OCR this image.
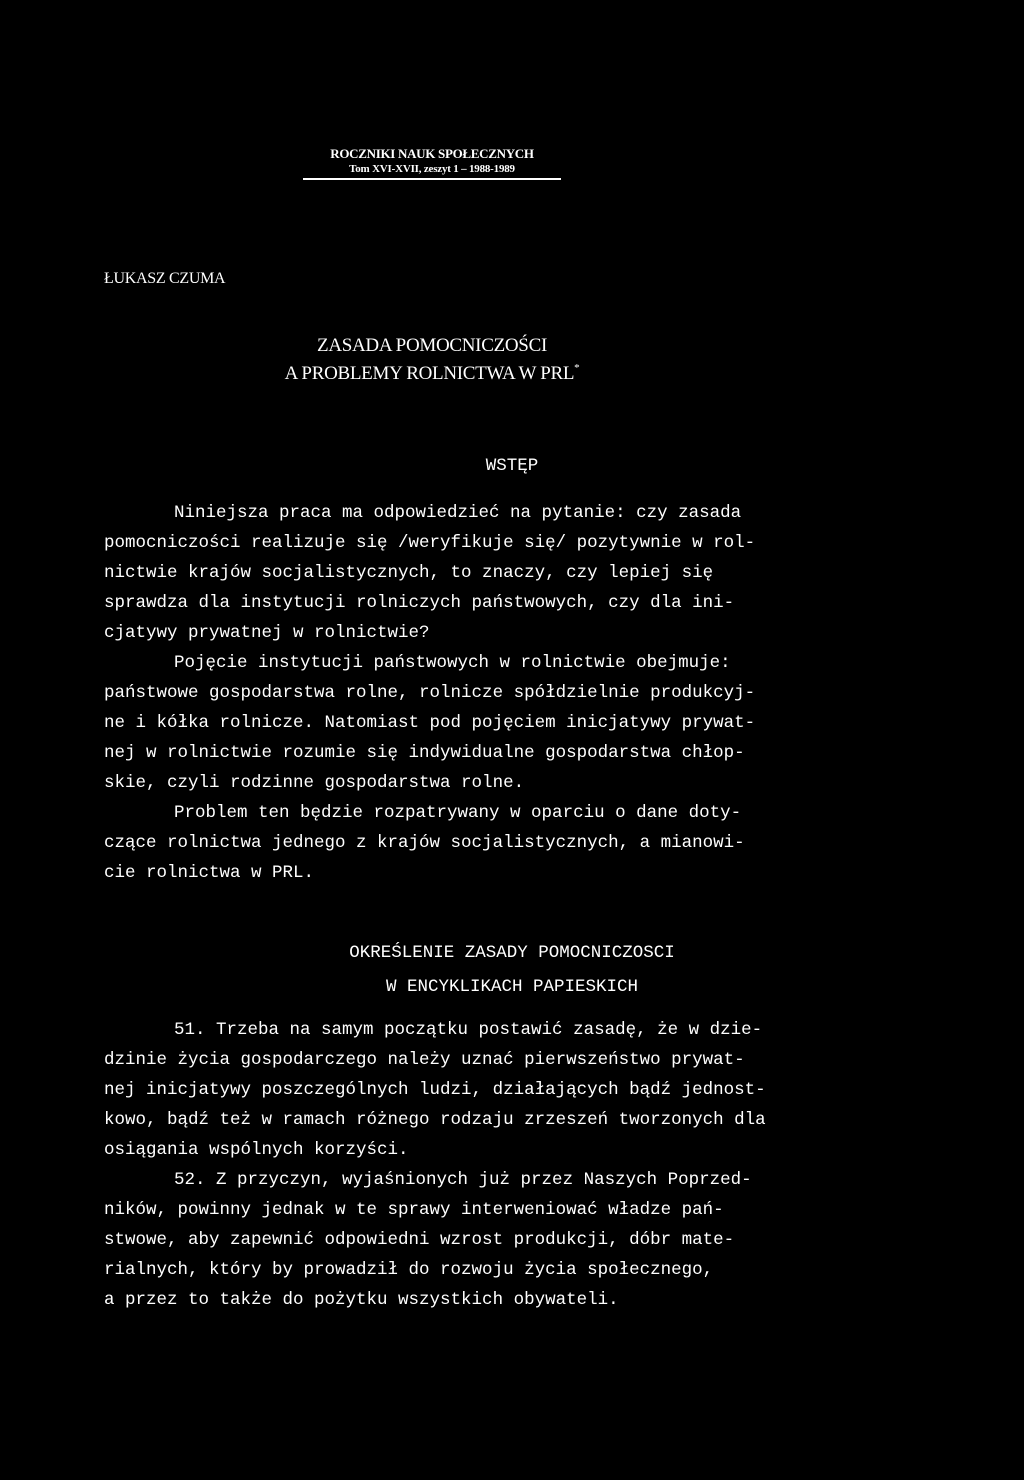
ROCZNIKI NAUK SPOŁECZNYCH
Tom XVI-XVII, zeszyt 1 – 1988-1989
ŁUKASZ CZUMA
ZASADA POMOCNICZOŚCI
A PROBLEMY ROLNICTWA W PRL*
WSTĘP
Niniejsza praca ma odpowiedzieć na pytanie: czy zasada
pomocniczości realizuje się /weryfikuje się/ pozytywnie w rol-
nictwie krajów socjalistycznych, to znaczy, czy lepiej się
sprawdza dla instytucji rolniczych państwowych, czy dla ini-
cjatywy prywatnej w rolnictwie?
Pojęcie instytucji państwowych w rolnictwie obejmuje:
państwowe gospodarstwa rolne, rolnicze spółdzielnie produkcyj-
ne i kółka rolnicze. Natomiast pod pojęciem inicjatywy prywat-
nej w rolnictwie rozumie się indywidualne gospodarstwa chłop-
skie, czyli rodzinne gospodarstwa rolne.
Problem ten będzie rozpatrywany w oparciu o dane doty-
czące rolnictwa jednego z krajów socjalistycznych, a mianowi-
cie rolnictwa w PRL.
OKREŚLENIE ZASADY POMOCNICZOSCI
W ENCYKLIKACH PAPIESKICH
51. Trzeba na samym początku postawić zasadę, że w dzie-
dzinie życia gospodarczego należy uznać pierwszeństwo prywat-
nej inicjatywy poszczególnych ludzi, działających bądź jednost-
kowo, bądź też w ramach różnego rodzaju zrzeszeń tworzonych dla
osiągania wspólnych korzyści.
52. Z przyczyn, wyjaśnionych już przez Naszych Poprzed-
ników, powinny jednak w te sprawy interweniować władze pań-
stwowe, aby zapewnić odpowiedni wzrost produkcji, dóbr mate-
rialnych, który by prowadził do rozwoju życia społecznego,
a przez to także do pożytku wszystkich obywateli.
